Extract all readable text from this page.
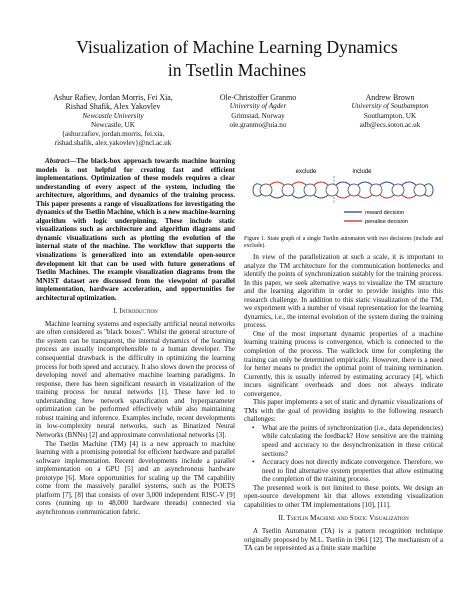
Visualization of Machine Learning Dynamics
in Tsetlin Machines
Ashur Rafiev, Jordan Morris, Fei Xia,
Rishad Shafik, Alex Yakovlev
Newcastle University
Newcastle, UK
{ashur.rafiev, jordan.morris, fei.xia,
rishad.shafik, alex.yakovlev}@ncl.ac.uk
Ole-Christoffer Granmo
University of Agder
Grimstad, Norway
ole.granmo@uia.no
Andrew Brown
University of Southampton
Southampton, UK
adb@ecs.soton.ac.uk

Abstract—The black-box approach towards machine learning models is not helpful for creating fast and efficient implementations. Optimization of these models requires a clear understanding of every aspect of the system, including the architecture, algorithms, and dynamics of the training process. This paper presents a range of visualizations for investigating the dynamics of the Tsetlin Machine, which is a new machine-learning algorithm with logic underpinning. These include static visualizations such as architecture and algorithm diagrams and dynamic visualizations such as plotting the evolution of the internal state of the machine. The workflow that supports the visualizations is generalized into an extendable open-source development kit that can be used with future generations of Tsetlin Machines. The example visualization diagrams from the MNIST dataset are discussed from the viewpoint of parallel implementation, hardware acceleration, and opportunities for architectural optimization.

I. Introduction

Machine learning systems and especially artificial neural networks are often considered as "black boxes". Whilst the general structure of the system can be transparent, the internal dynamics of the learning process are usually incomprehensible to a human developer. The consequential drawback is the difficulty in optimizing the learning process for both speed and accuracy. It also slows down the process of developing novel and alternative machine learning paradigms. In response, there has been significant research in visualization of the training process for neural networks [1]. These have led to understanding how network sparsification and hyperparameter optimization can be performed effectively while also maintaining robust training and inference. Examples include, recent developments in low-complexity neural networks, such as Binarized Neural Networks (BNNs) [2] and approximate convolutional networks [3].

The Tsetlin Machine (TM) [4] is a new approach to machine learning with a promising potential for efficient hardware and parallel software implementation. Recent developments include a parallel implementation on a GPU [5] and an asynchronous hardware prototype [6]. More opportunities for scaling up the TM capability come from the massively parallel systems, such as the POETS platform [7], [8] that consists of over 3,000 independent RISC-V [9] cores (running up to 48,000 hardware threads) connected via asynchronous communication fabric.

exclude	include
reward decision
penalise decision
Figure 1. State graph of a single Tsetlin automaton with two decisions (include and exclude).

In view of the parallelization at such a scale, it is important to analyze the TM architecture for the communication bottlenecks and identify the points of synchronization suitably for the training process. In this paper, we seek alternative ways to visualize the TM structure and the learning algorithm in order to provide insights into this research challenge. In addition to this static visualization of the TM, we experiment with a number of visual representation for the learning dynamics, i.e., the internal evolution of the system during the training process.

One of the most important dynamic properties of a machine learning training process is convergence, which is connected to the completion of the process. The wallclock time for completing the training can only be determined empirically. However, there is a need for better means to predict the optimal point of training termination. Currently, this is usually inferred by estimating accuracy [4], which incurs significant overheads and does not always indicate convergence.

This paper implements a set of static and dynamic visualizations of TMs with the goal of providing insights to the following research challenges:

• What are the points of synchronization (i.e., data dependencies) while calculating the feedback? How sensitive are the training speed and accuracy to the desynchronization in these critical sections?
• Accuracy does not directly indicate convergence. Therefore, we need to find alternative system properties that allow estimating the completion of the training process.

The presented work is not limited to these points. We design an open-source development kit that allows extending visualization capabilities to other TM implementations [10], [11].

II. Tsetlin Machine and Static Visualization

A Tsetlin Automaton (TA) is a pattern recognition technique originally proposed by M.L. Tsetlin in 1961 [12]. The mechanism of a TA can be represented as a finite state machine
